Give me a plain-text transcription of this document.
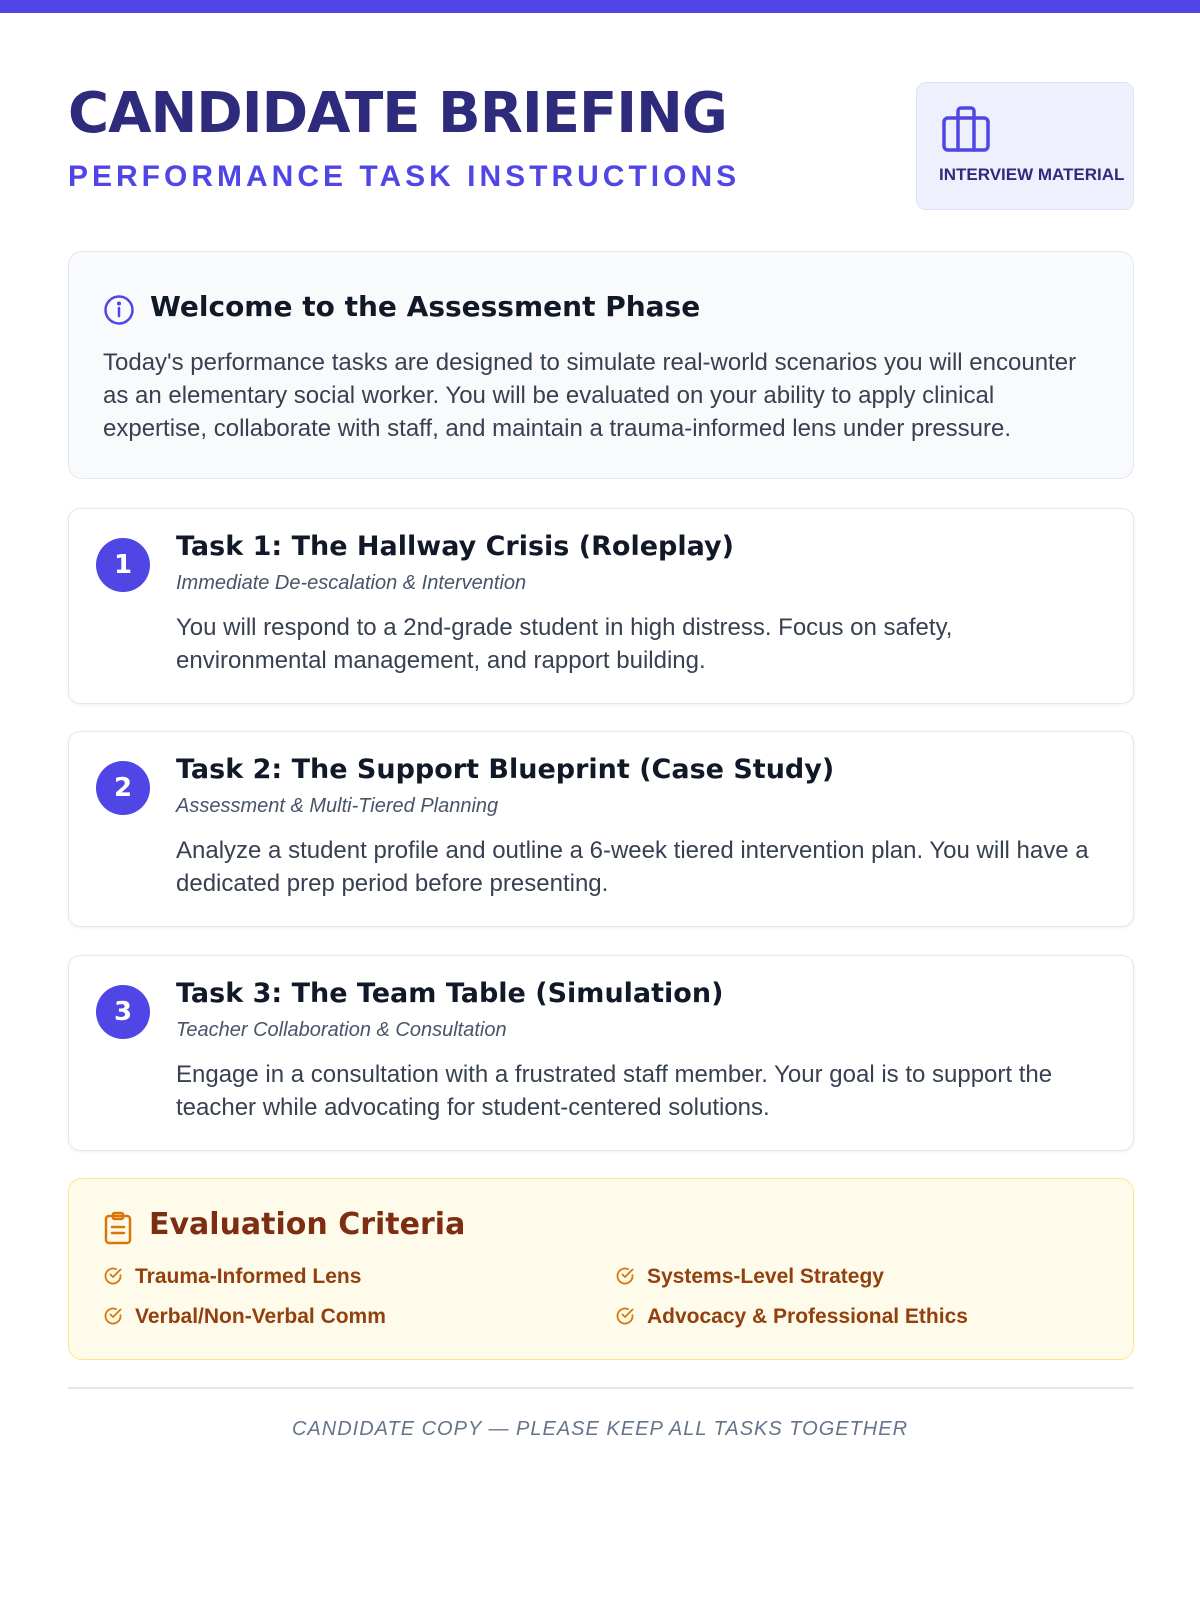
CANDIDATE BRIEFING
PERFORMANCE TASK INSTRUCTIONS	INTERVIEW MATERIAL
Welcome to the Assessment Phase

Today's performance tasks are designed to simulate real-world scenarios you will encounter as an elementary social worker. You will be evaluated on your ability to apply clinical expertise, collaborate with staff, and maintain a trauma-informed lens under pressure.

1
Task 1: The Hallway Crisis (Roleplay)
Immediate De-escalation & Intervention

You will respond to a 2nd-grade student in high distress. Focus on safety, environmental management, and rapport building.

2
Task 2: The Support Blueprint (Case Study)
Assessment & Multi-Tiered Planning

Analyze a student profile and outline a 6-week tiered intervention plan. You will have a dedicated prep period before presenting.

3
Task 3: The Team Table (Simulation)
Teacher Collaboration & Consultation

Engage in a consultation with a frustrated staff member. Your goal is to support the teacher while advocating for student-centered solutions.

Evaluation Criteria
Trauma-Informed Lens	Systems-Level Strategy
Verbal/Non-Verbal Comm	Advocacy & Professional Ethics
CANDIDATE COPY — PLEASE KEEP ALL TASKS TOGETHER
